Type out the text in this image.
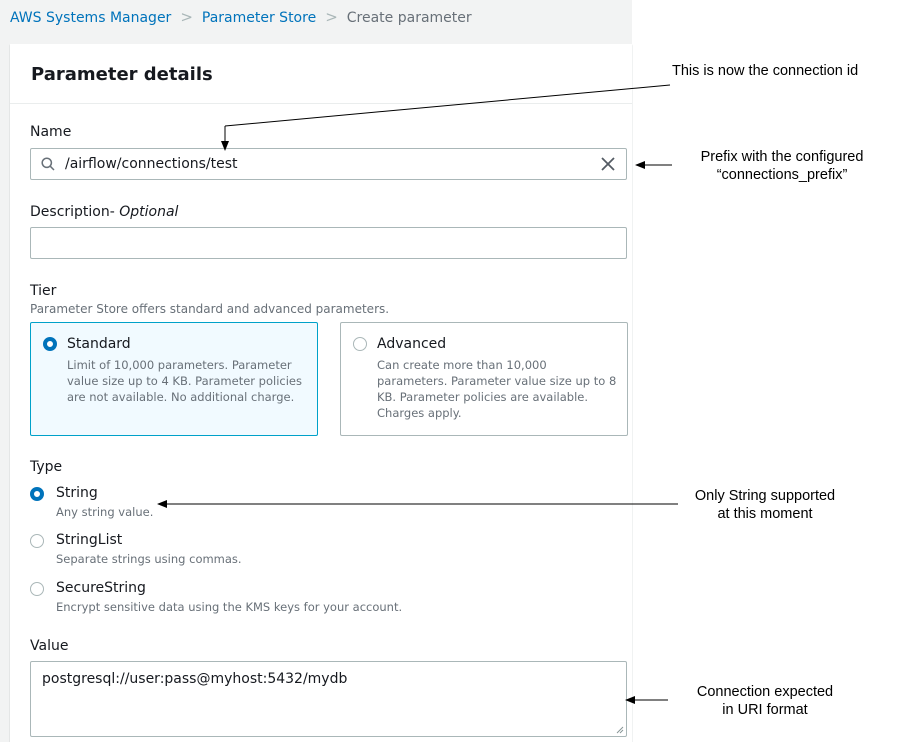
AWS Systems Manager > Parameter Store > Create parameter
Parameter details
Name
/airflow/connections/test
Description- Optional
Tier
Parameter Store offers standard and advanced parameters.
Standard
Limit of 10,000 parameters. Parameter value size up to 4 KB. Parameter policies are not available. No additional charge.
Advanced
Can create more than 10,000 parameters. Parameter value size up to 8 KB. Parameter policies are available. Charges apply.
Type
String
Any string value.
StringList
Separate strings using commas.
SecureString
Encrypt sensitive data using the KMS keys for your account.
Value
postgresql://user:pass@myhost:5432/mydb
This is now the connection id
Prefix with the configured
“connections_prefix”
Only String supported
at this moment
Connection expected
in URI format
